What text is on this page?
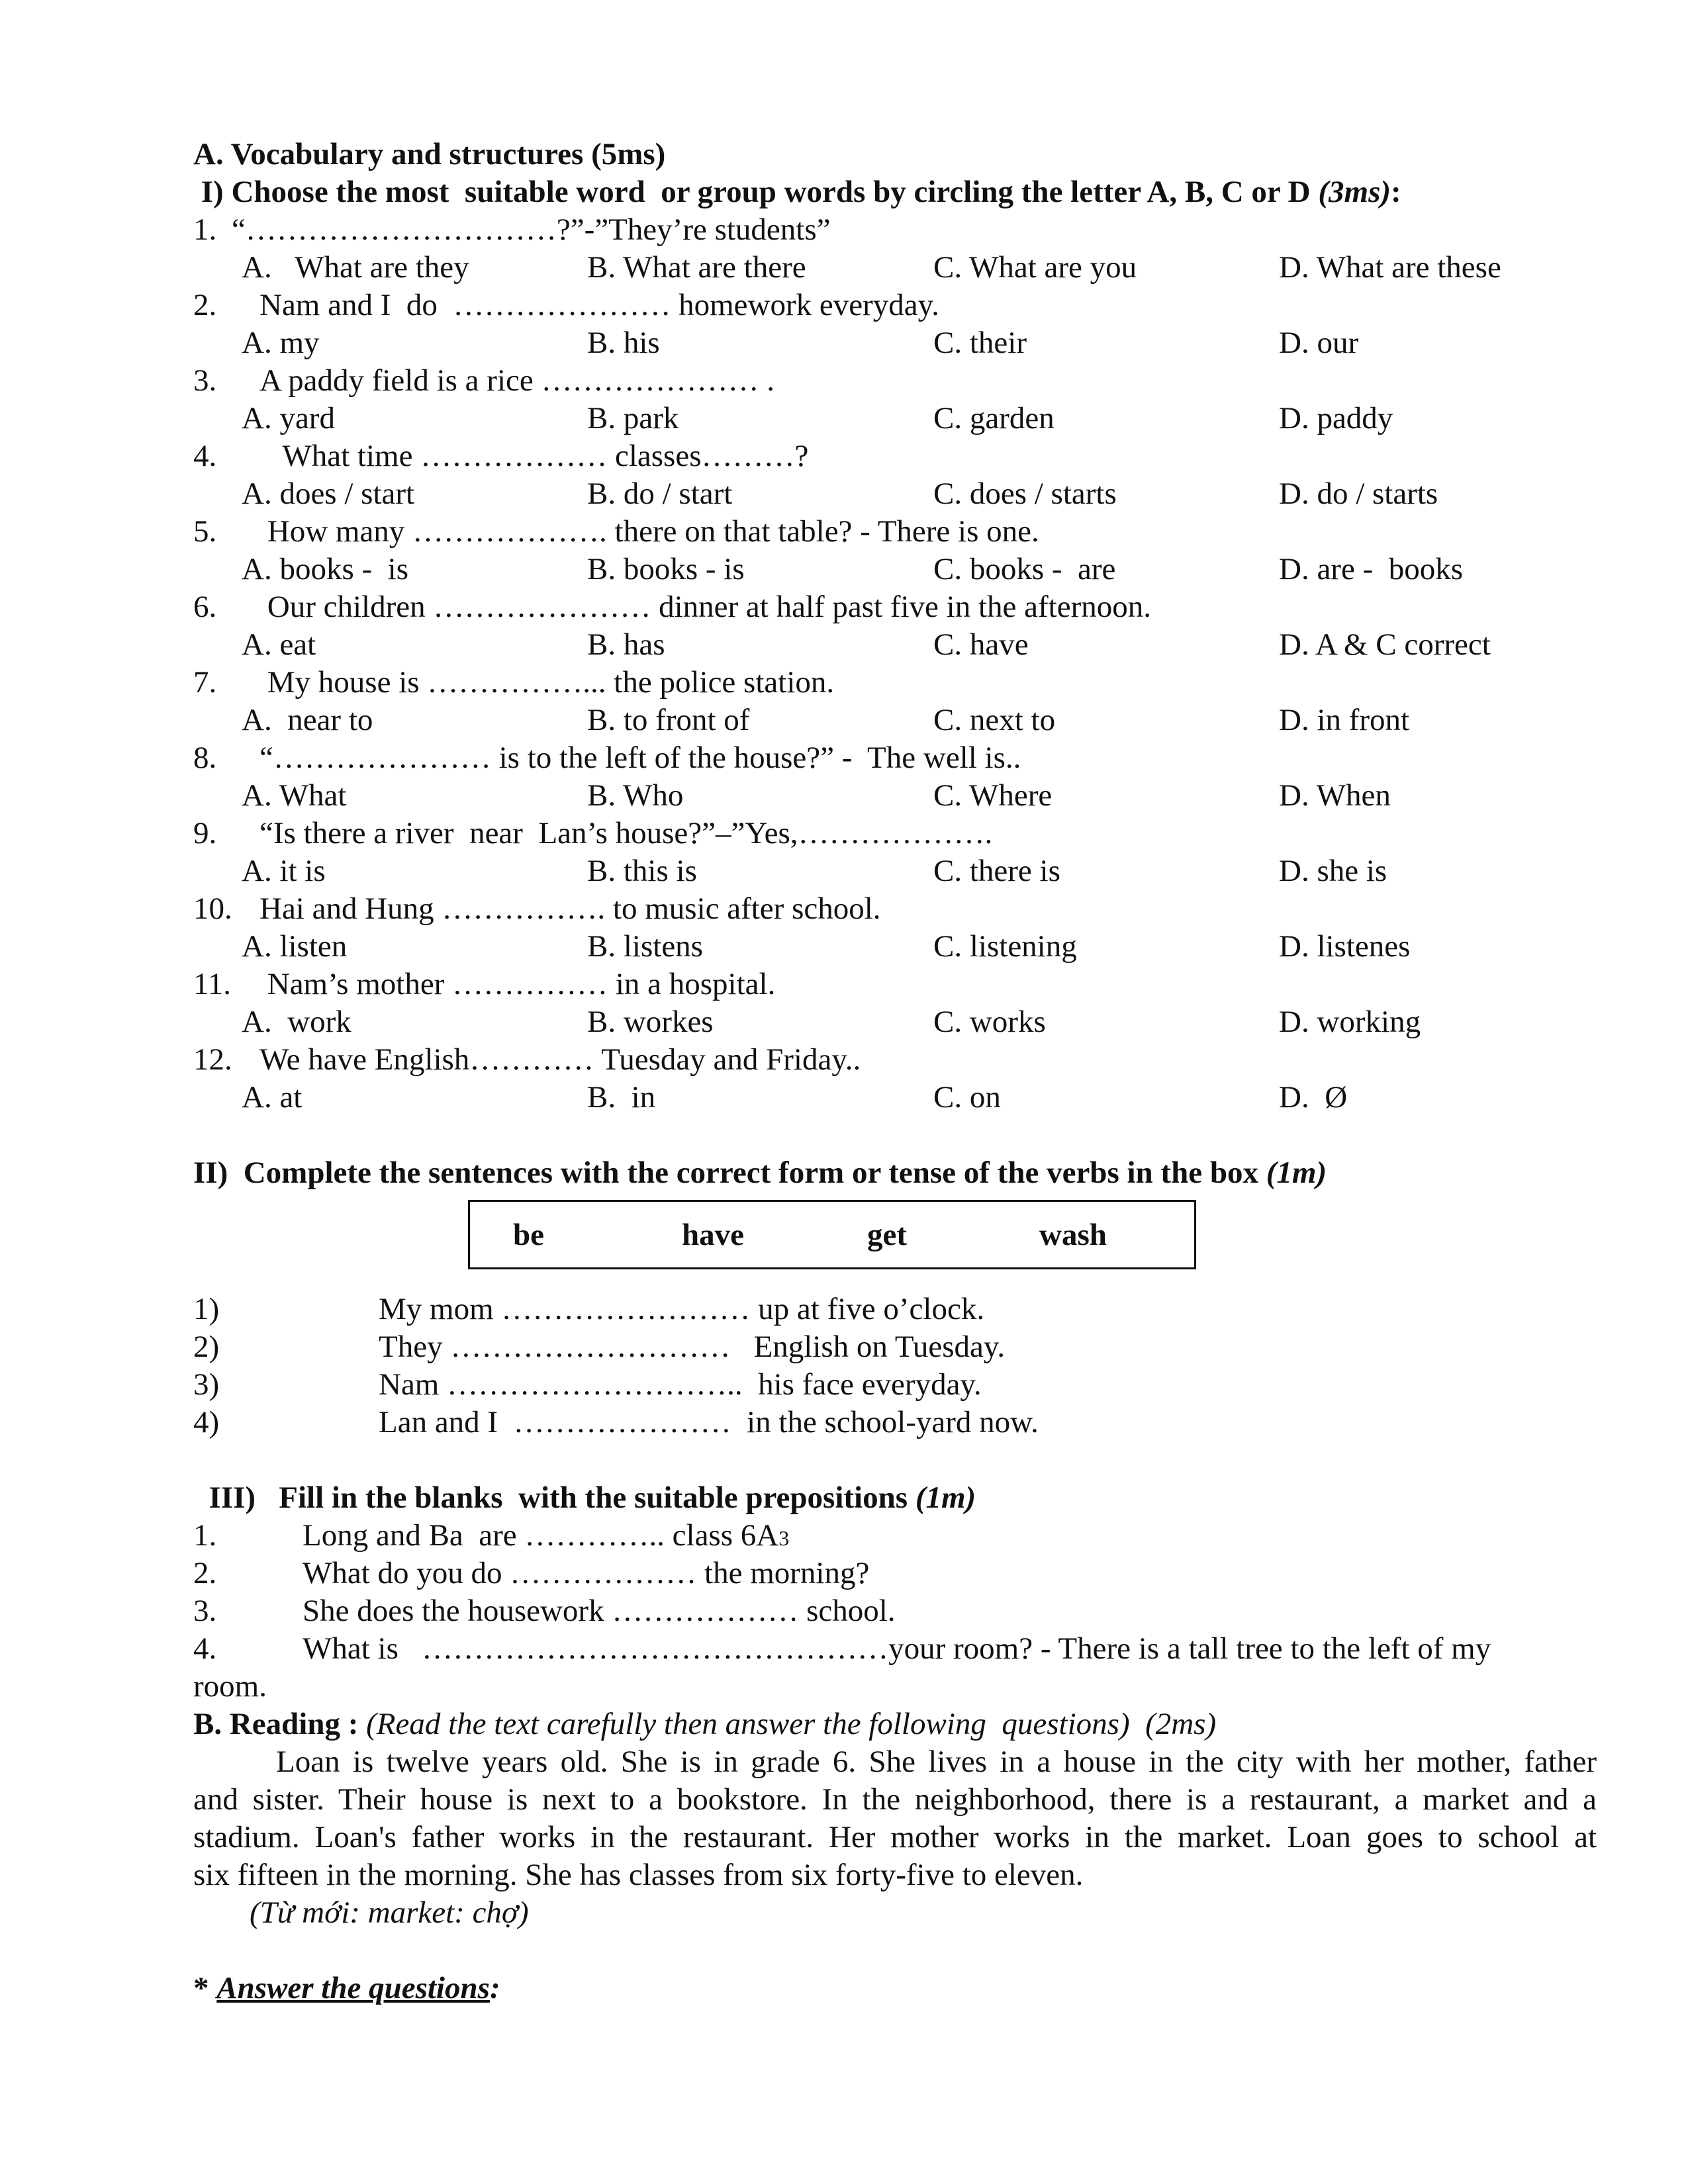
A. Vocabulary and structures (5ms)
I) Choose the most  suitable word  or group words by circling the letter A, B, C or D (3ms):
1. “…………………………?”-”They’re students”
A.   What are they	B. What are there	C. What are you	D. What are these
2. Nam and I  do  ………………… homework everyday.
A. my	B. his	C. their	D. our
3. A paddy field is a rice ………………… .
A. yard	B. park	C. garden	D. paddy
4. What time ……………… classes………?
A. does / start	B. do / start	C. does / starts	D. do / starts
5. How many ………………. there on that table? - There is one.
A. books -  is	B. books - is	C. books -  are	D. are -  books
6. Our children ………………… dinner at half past five in the afternoon.
A. eat	B. has	C. have	D. A & C correct
7. My house is ……………... the police station.
A.  near to	B. to front of	C. next to	D. in front
8. “………………… is to the left of the house?” -  The well is..
A. What	B. Who	C. Where	D. When
9. “Is there a river  near  Lan’s house?”–”Yes,……………….
A. it is	B. this is	C. there is	D. she is
10. Hai and Hung ……………. to music after school.
A. listen	B. listens	C. listening	D. listenes
11. Nam’s mother …………… in a hospital.
A.  work	B. workes	C. works	D. working
12. We have English………… Tuesday and Friday..
A. at	B.  in	C. on	D.  Ø
II)  Complete the sentences with the correct form or tense of the verbs in the box (1m)
be	have	get	wash
1)	My mom …………………… up at five o’clock.
2)	They ………………………   English on Tuesday.
3)	Nam ………………………..  his face everyday.
4)	Lan and I  …………………  in the school-yard now.
III)   Fill in the blanks  with the suitable prepositions (1m)
1.	Long and Ba  are ………….. class 6A3
2.	What do you do ……………… the morning?
3.	She does the housework ……………… school.
4.	What is   ………………………………………your room? - There is a tall tree to the left of my
room.
B. Reading : (Read the text carefully then answer the following  questions)  (2ms)
Loan is twelve years old. She is in grade 6. She lives in a house in the city with her mother, father
and sister. Their house is next to a bookstore. In the neighborhood, there is a restaurant, a market and a
stadium. Loan's father works in the restaurant. Her mother works in the market. Loan goes to school at
six fifteen in the morning. She has classes from six forty-five to eleven.
(Từ mới: market: chợ)
* Answer the questions:
